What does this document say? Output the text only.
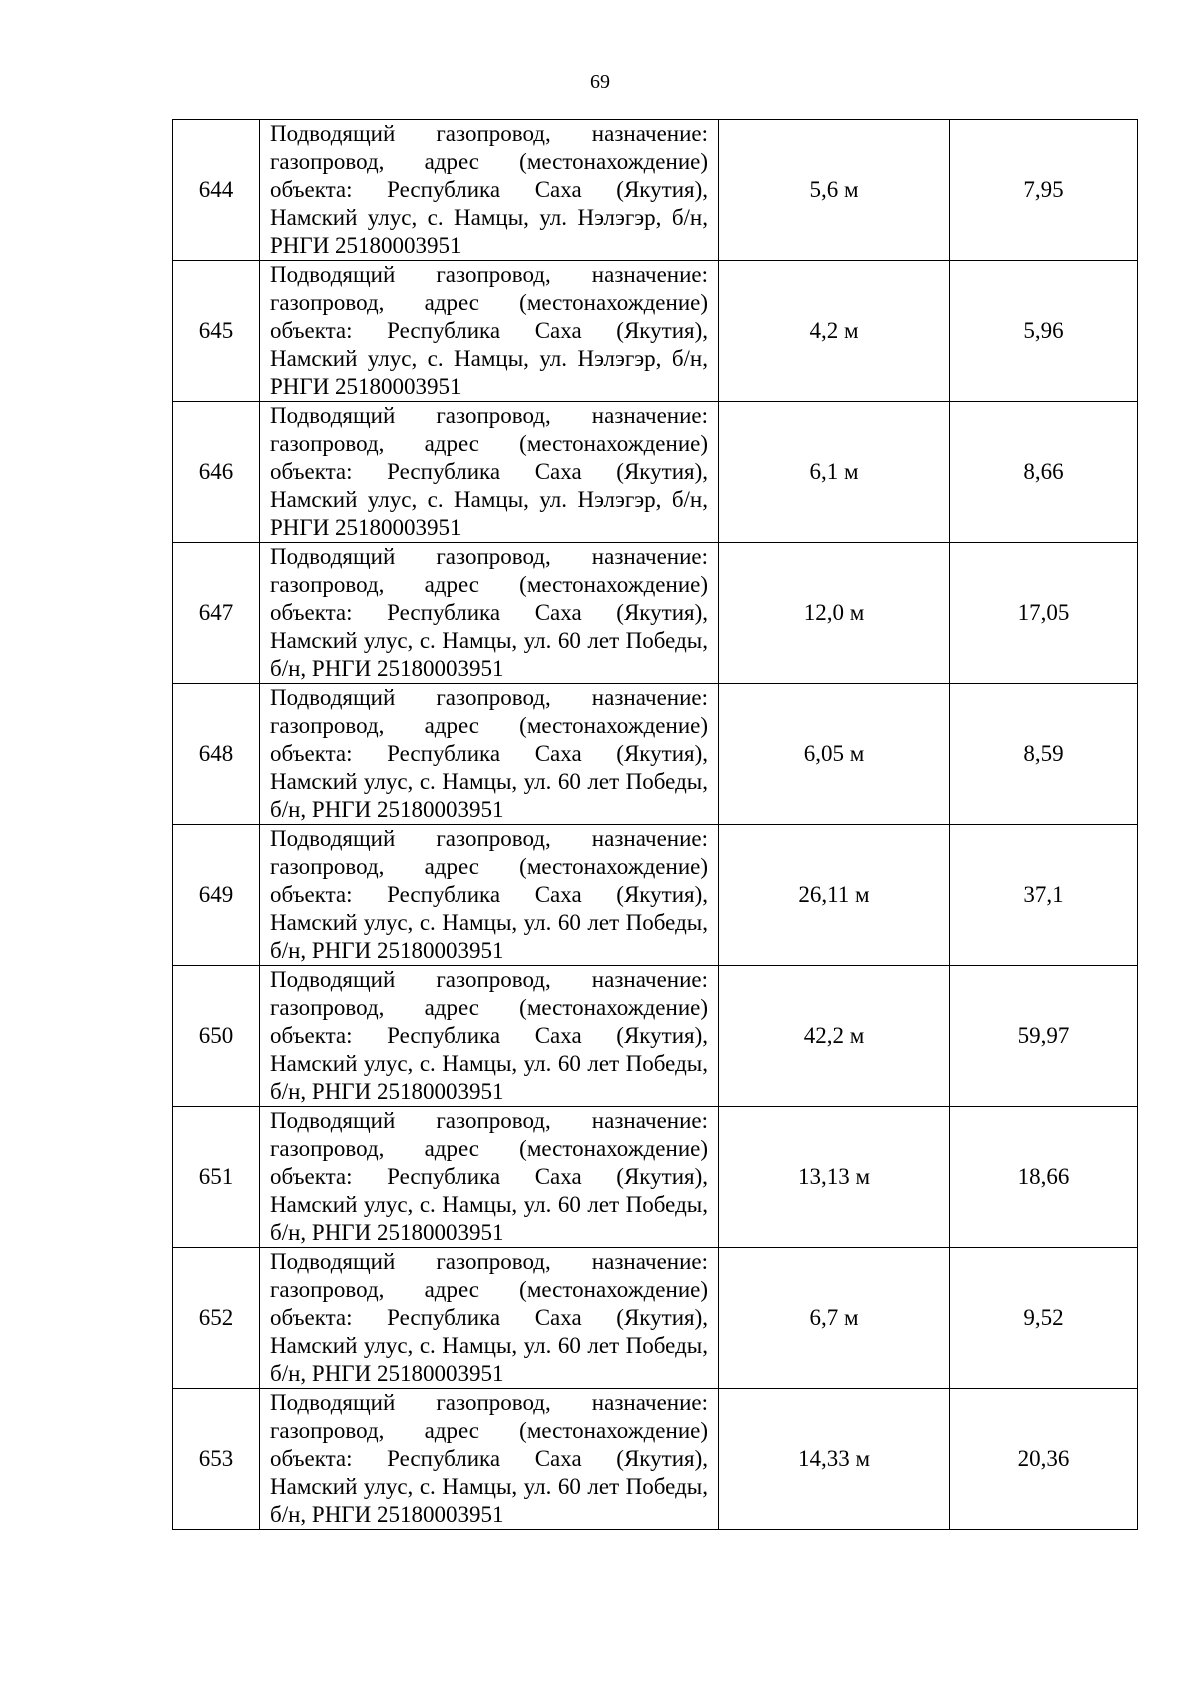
69
644	Подводящий газопровод, назначение: газопровод, адрес (местонахождение) объекта: Республика Саха (Якутия), Намский улус, с. Намцы, ул. Нэлэгэр, б/н, РНГИ 25180003951	5,6 м	7,95
645	Подводящий газопровод, назначение: газопровод, адрес (местонахождение) объекта: Республика Саха (Якутия), Намский улус, с. Намцы, ул. Нэлэгэр, б/н, РНГИ 25180003951	4,2 м	5,96
646	Подводящий газопровод, назначение: газопровод, адрес (местонахождение) объекта: Республика Саха (Якутия), Намский улус, с. Намцы, ул. Нэлэгэр, б/н, РНГИ 25180003951	6,1 м	8,66
647	Подводящий газопровод, назначение: газопровод, адрес (местонахождение) объекта: Республика Саха (Якутия), Намский улус, с. Намцы, ул. 60 лет Победы, б/н, РНГИ 25180003951	12,0 м	17,05
648	Подводящий газопровод, назначение: газопровод, адрес (местонахождение) объекта: Республика Саха (Якутия), Намский улус, с. Намцы, ул. 60 лет Победы, б/н, РНГИ 25180003951	6,05 м	8,59
649	Подводящий газопровод, назначение: газопровод, адрес (местонахождение) объекта: Республика Саха (Якутия), Намский улус, с. Намцы, ул. 60 лет Победы, б/н, РНГИ 25180003951	26,11 м	37,1
650	Подводящий газопровод, назначение: газопровод, адрес (местонахождение) объекта: Республика Саха (Якутия), Намский улус, с. Намцы, ул. 60 лет Победы, б/н, РНГИ 25180003951	42,2 м	59,97
651	Подводящий газопровод, назначение: газопровод, адрес (местонахождение) объекта: Республика Саха (Якутия), Намский улус, с. Намцы, ул. 60 лет Победы, б/н, РНГИ 25180003951	13,13 м	18,66
652	Подводящий газопровод, назначение: газопровод, адрес (местонахождение) объекта: Республика Саха (Якутия), Намский улус, с. Намцы, ул. 60 лет Победы, б/н, РНГИ 25180003951	6,7 м	9,52
653	Подводящий газопровод, назначение: газопровод, адрес (местонахождение) объекта: Республика Саха (Якутия), Намский улус, с. Намцы, ул. 60 лет Победы, б/н, РНГИ 25180003951	14,33 м	20,36
